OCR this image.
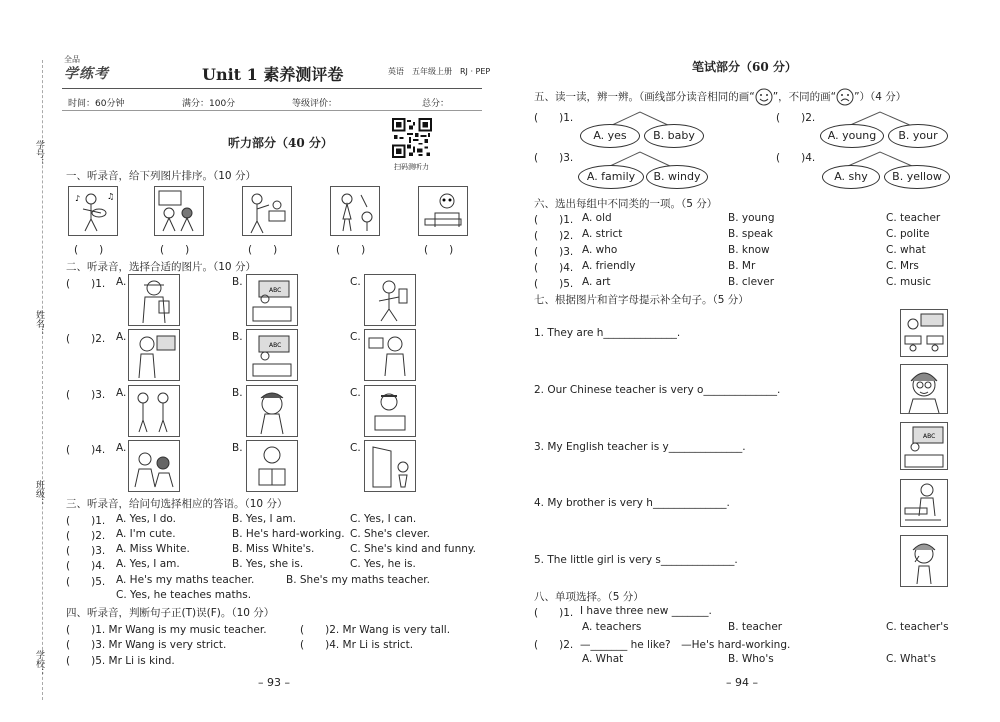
学号：
姓名：
班级：
学校：
全品
学练考	Unit 1 素养测评卷	英语　五年级上册　RJ · PEP
时间：60分钟	满分：100分	等级评价：	总分：
听力部分（40 分）
扫码测听力
一、听录音，给下列图片排序。（10 分）
♪	♫
(　　)	(　　)	(　　)	(　　)	(　　)
二、听录音，选择合适的图片。（10 分）
(　　)1. A.	B.
ABC
C.
(　　)2. A.	B.
ABC
C.
(　　)3. A.	B.	C.
(　　)4. A.	B.	C.
三、听录音，给问句选择相应的答语。（10 分）
(　　)1. A. Yes, I do.	B. Yes, I am.	C. Yes, I can.
(　　)2. A. I'm cute.	B. He's hard-working. C. She's clever.
(　　)3. A. Miss White.	B. Miss White's.	C. She's kind and funny.
(　　)4. A. Yes, I am.	B. Yes, she is.	C. Yes, he is.
(　　)5. A. He's my maths teacher.	B. She's my maths teacher.
C. Yes, he teaches maths.
四、听录音，判断句子正(T)误(F)。（10 分）
(　　)1. Mr Wang is my music teacher.	(　　)2. Mr Wang is very tall.
(　　)3. Mr Wang is very strict.	(　　)4. Mr Li is strict.
(　　)5. Mr Li is kind.
– 93 –
笔试部分（60 分）
五、读一读，辨一辨。（画线部分读音相同的画“ ”，不同的画“ ”）（4 分）
(　　)1.
A. yes	B. baby
(　　)2.
A. young	B. your
(　　)3.
A. family	B. windy
(　　)4.
A. shy	B. yellow
六、选出每组中不同类的一项。（5 分）
(　　)1. A. old	B. young	C. teacher
(　　)2. A. strict	B. speak	C. polite
(　　)3. A. who	B. know	C. what
(　　)4. A. friendly	B. Mr	C. Mrs
(　　)5. A. art	B. clever	C. music
七、根据图片和首字母提示补全句子。（5 分）
1. They are h______________.
2. Our Chinese teacher is very o______________.
3. My English teacher is y______________.
4. My brother is very h______________.
5. The little girl is very s______________.
ABC
八、单项选择。（5 分）
(　　)1. I have three new _______.
A. teachers	B. teacher	C. teacher's
(　　)2. —_______ he like?　—He's hard-working.
A. What	B. Who's	C. What's
– 94 –
